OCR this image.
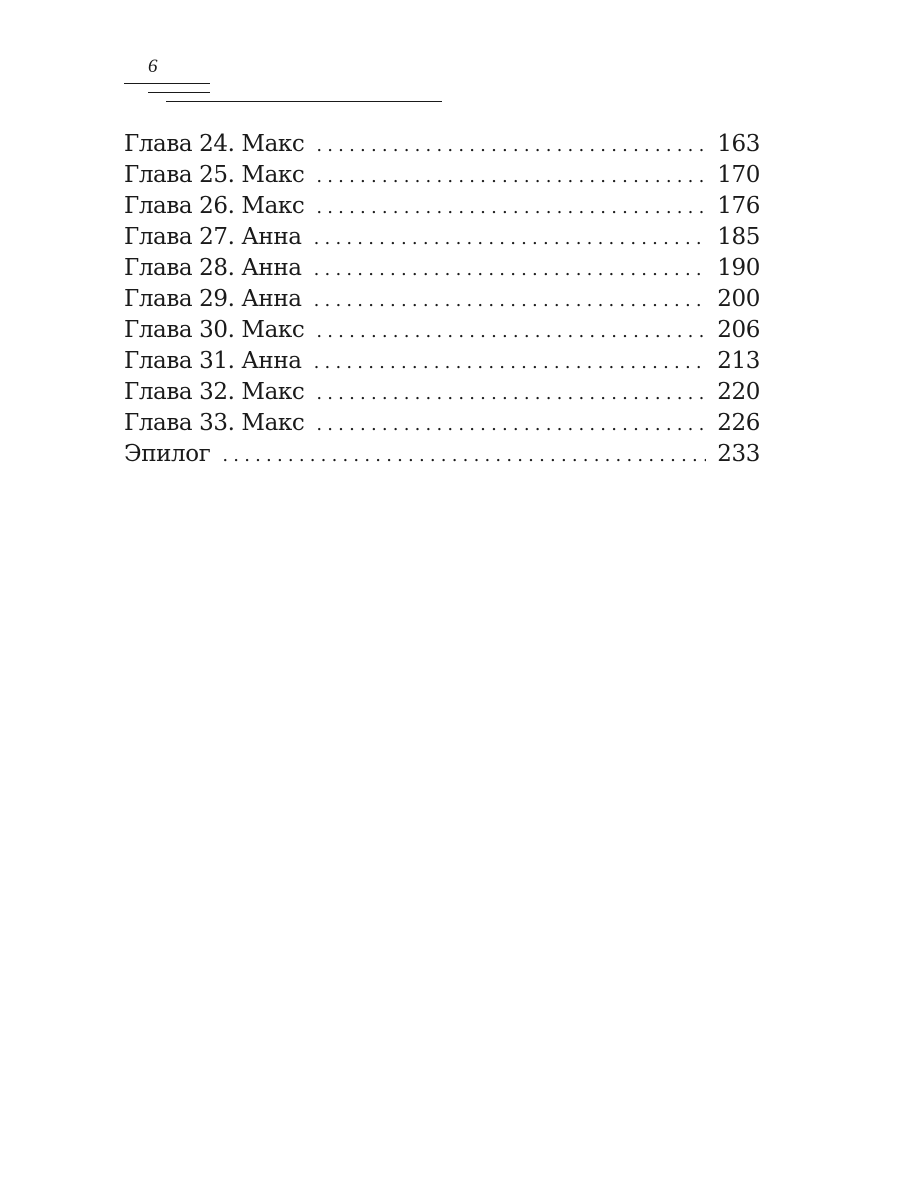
6
Глава 24. Макс .....	163
Глава 25. Макс .....	170
Глава 26. Макс .....	176
Глава 27. Анна .....	185
Глава 28. Анна .....	190
Глава 29. Анна .....	200
Глава 30. Макс .....	206
Глава 31. Анна .....	213
Глава 32. Макс .....	220
Глава 33. Макс .....	226
Эпилог .....	233
